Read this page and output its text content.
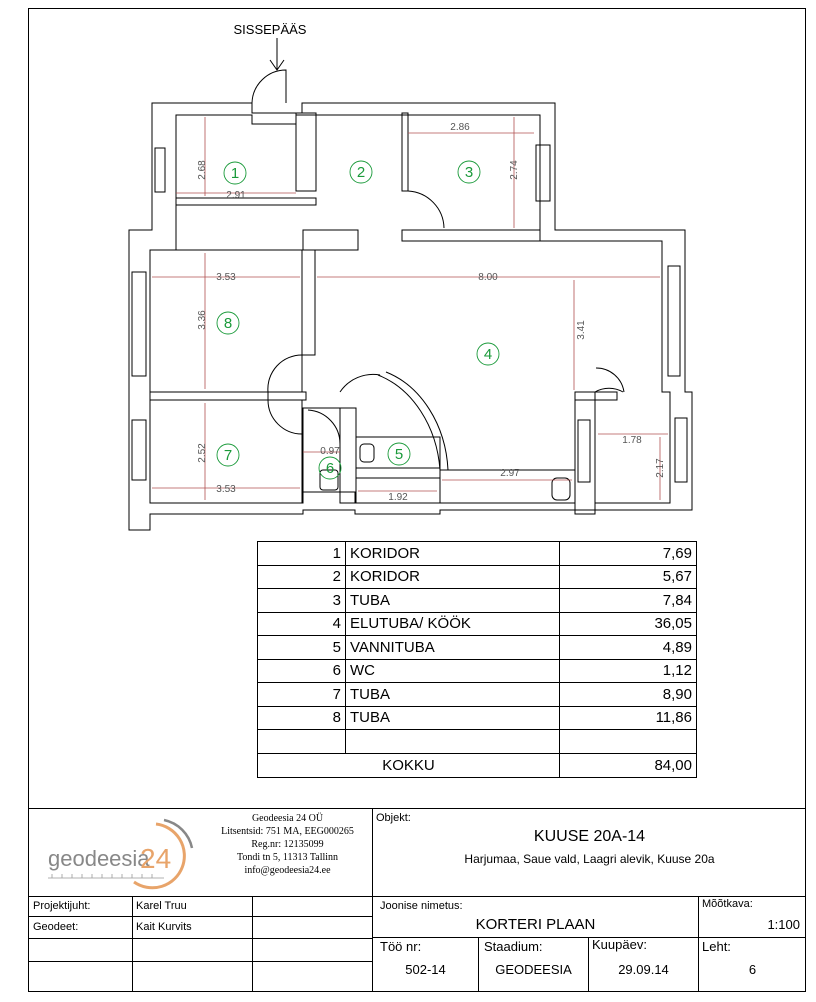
2.86
2.68
2.91
2.74
3.53	8.00
3.36
3.41
0.97
2.52
3.53
1.92
2.97
1.78
2.17
SISSEPÄÄS
1	2	3
4
5
6
7
8
1	KORIDOR	7,69
2	KORIDOR	5,67
3	TUBA	7,84
4	ELUTUBA/ KÖÖK	36,05
5	VANNITUBA	4,89
6	WC	1,12
7	TUBA	8,90
8	TUBA	11,86

KOKKU		84,00
geodeesia
24
Geodeesia 24 OÜ
Litsentsid: 751 MA, EEG000265
Reg.nr: 12135099
Tondi tn 5, 11313 Tallinn
info@geodeesia24.ee
Objekt:
KUUSE 20A-14
Harjumaa, Saue vald, Laagri alevik, Kuuse 20a
Projektijuht:	Karel Truu
Geodeet:	Kait Kurvits
Joonise nimetus:
KORTERI PLAAN
Mõõtkava:
1:100
Töö nr:
502-14
Staadium:
GEODEESIA
Kuupäev:
29.09.14
Leht:
6
